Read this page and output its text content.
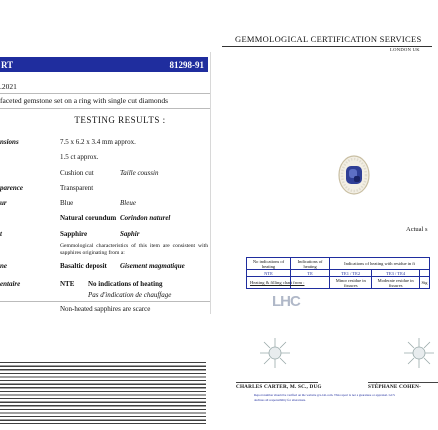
RT	81298-91
.2021
faceted gemstone set on a ring with single cut diamonds
TESTING RESULTS :
nsions	7.5 x 6.2 x 3.4 mm approx.
1.5 ct approx.
Cushion cut	Taille coussin
parence	Transparent
ur	Blue	Bleue
Natural corundum Corindon naturel
t	Sapphire	Saphir
Gemmological characteristics of this item are consistent with sapphires originating from a:
ne	Basaltic deposit Gisement magmatique
entaire	NTE No indications of heating
Pas d'indication de chauffage
Non-heated sapphires are scarce
GEMMOLOGICAL CERTIFICATION SERVICES
LONDON UK
Actual s
No indications of heating	Indications of heating	Indications of heating with residue in fi		
NTE	TE	TE1 / TE2	TE3 / TE4	
		Minor residue in fissures	Moderate residue in fissures	Sig
Heating & filling chart from :
LHC
CHARLES CARTER, M. SC., DUG	STÉPHANE COHEN-
Report number should be verified on the website gcs-lab.com. This report is not a guarantee or appraisal. GCS declines all responsibility for alterations.
